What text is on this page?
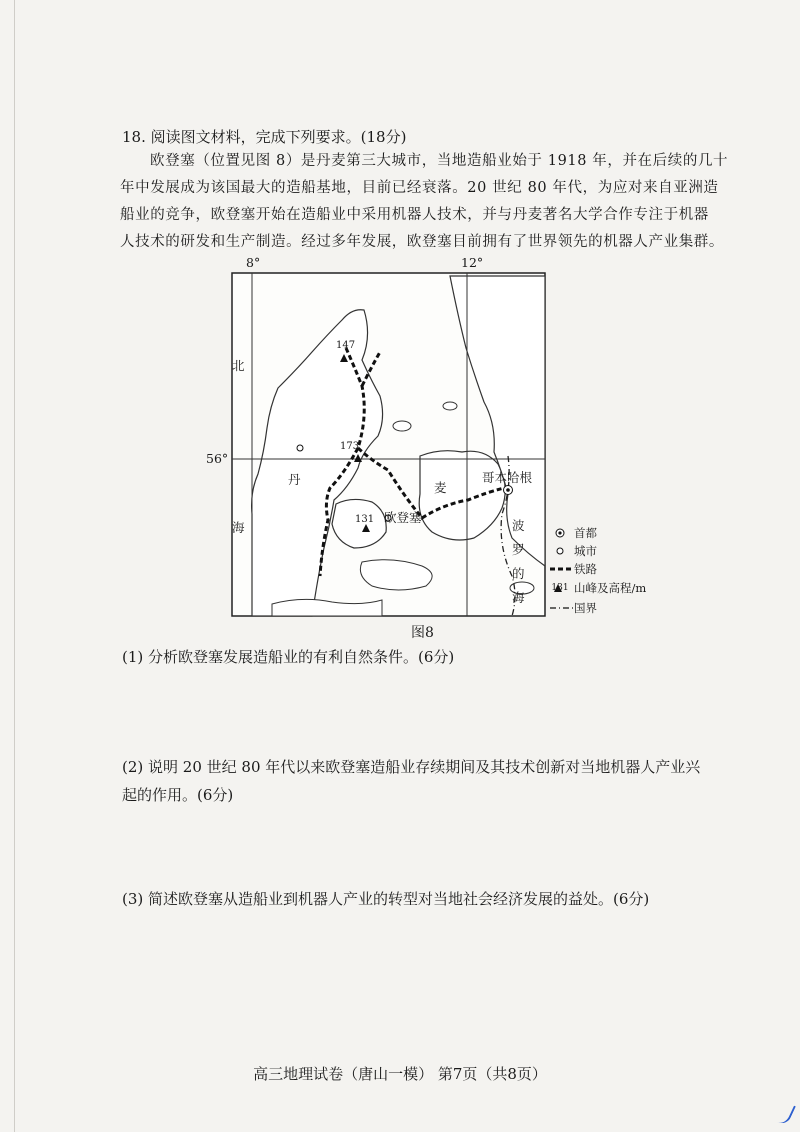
18. 阅读图文材料，完成下列要求。(18分)
欧登塞（位置见图 8）是丹麦第三大城市，当地造船业始于 1918 年，并在后续的几十
年中发展成为该国最大的造船基地，目前已经衰落。20 世纪 80 年代，为应对来自亚洲造
船业的竞争，欧登塞开始在造船业中采用机器人技术，并与丹麦著名大学合作专注于机器
人技术的研发和生产制造。经过多年发展，欧登塞目前拥有了世界领先的机器人产业集群。
8°	12°
56°
北
海
丹
麦
波
罗
的
海
哥本哈根
欧登塞
147
173
131
首都
城市
铁路
131 山峰及高程/m
国界
图8
(1) 分析欧登塞发展造船业的有利自然条件。(6分)
(2) 说明 20 世纪 80 年代以来欧登塞造船业存续期间及其技术创新对当地机器人产业兴
起的作用。(6分)
(3) 简述欧登塞从造船业到机器人产业的转型对当地社会经济发展的益处。(6分)
高三地理试卷（唐山一模） 第7页（共8页）
